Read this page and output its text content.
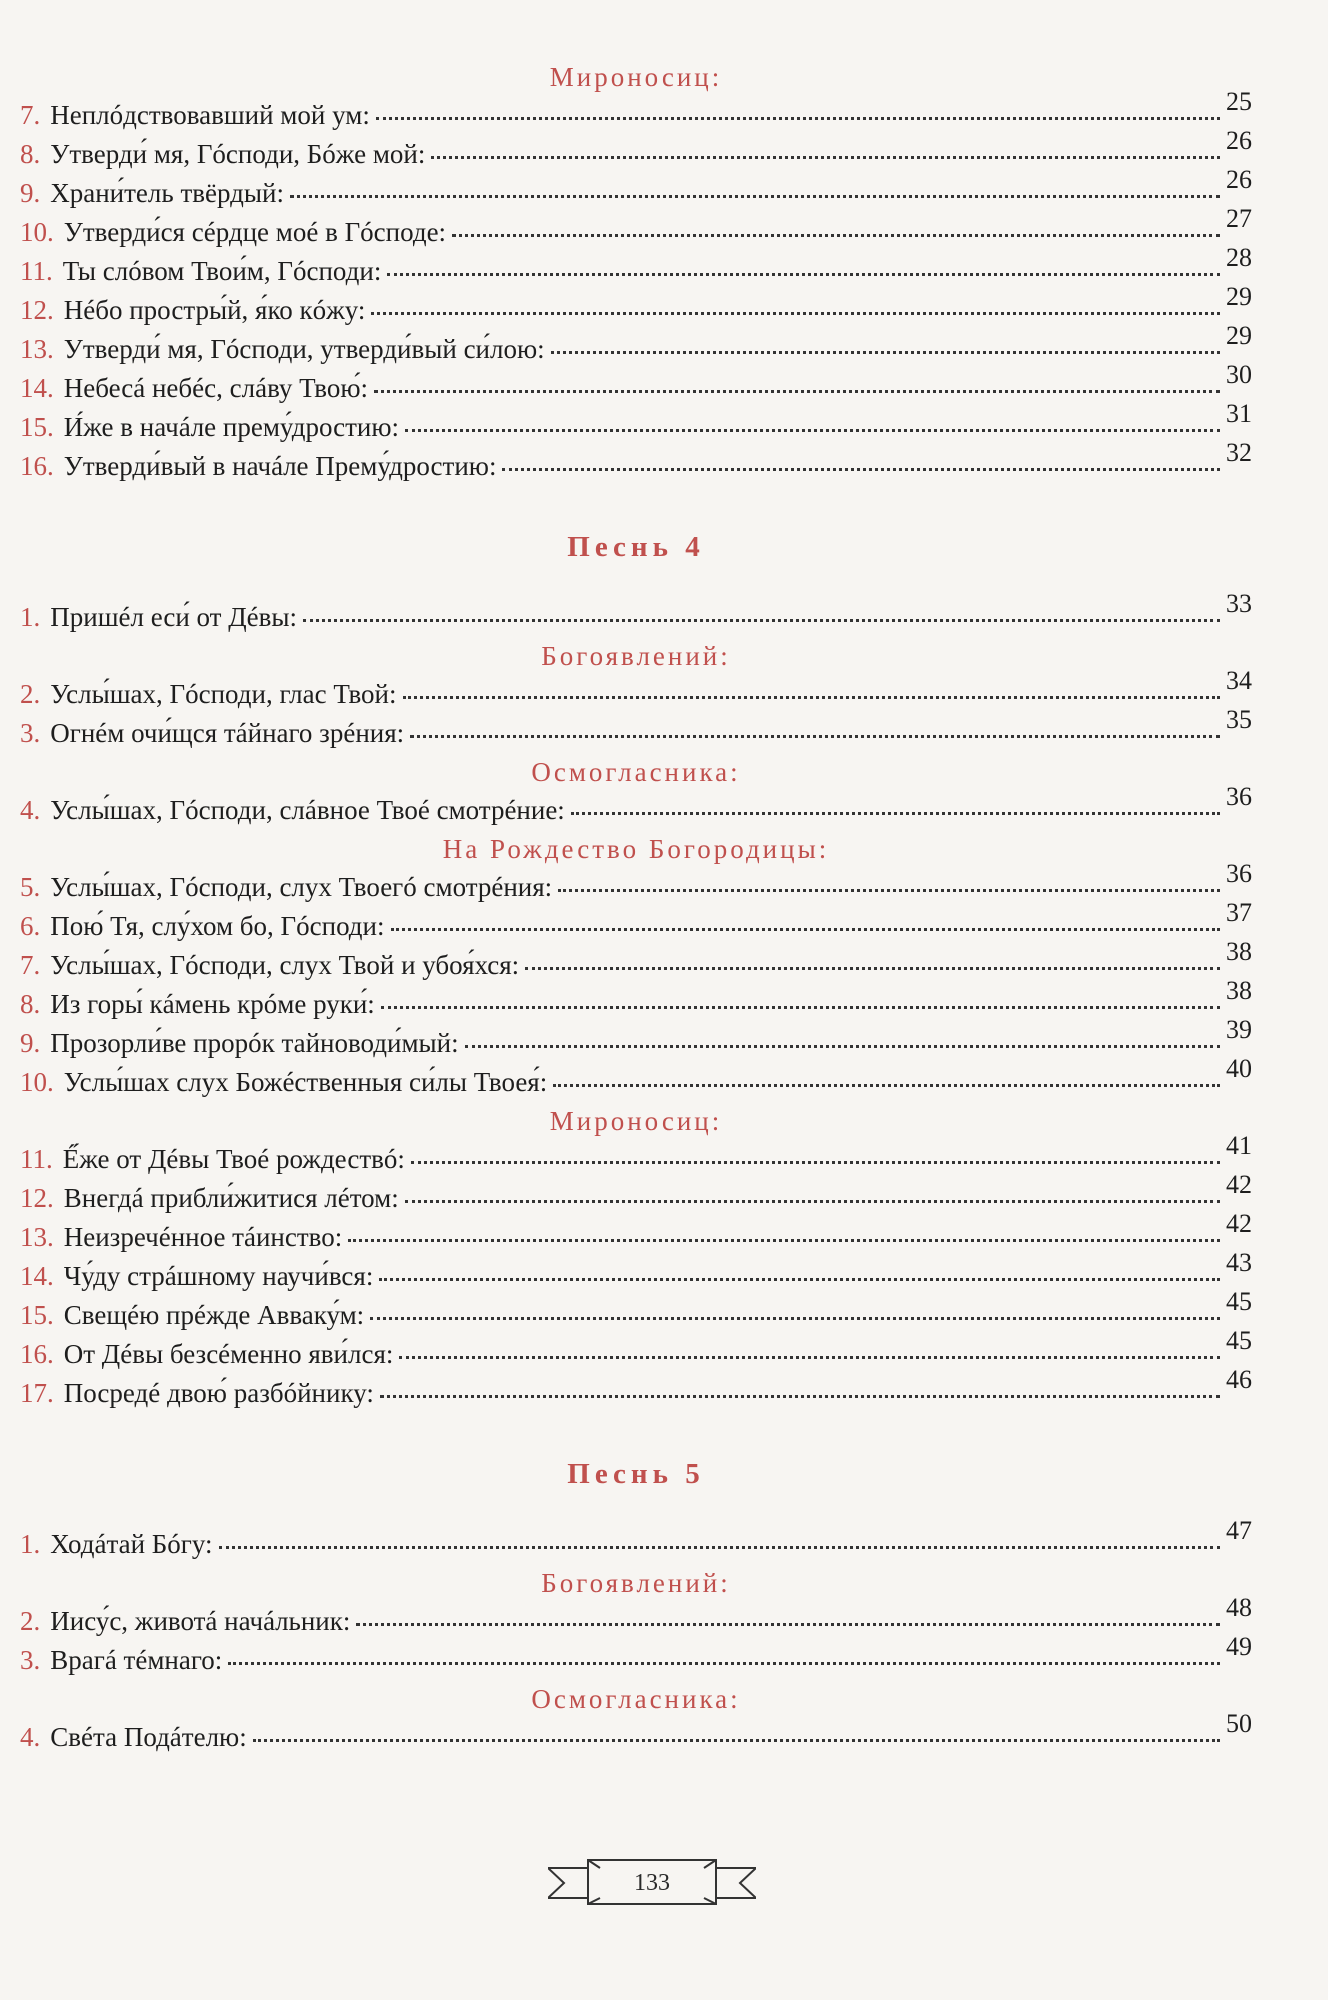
Мироносиц:
7. Неплóдствовавший мой ум:	25
8. Утверди́ мя, Гóсподи, Бóже мой:	26
9. Храни́тель твёрдый:	26
10. Утверди́ся сéрдце моé в Гóсподе:	27
11. Ты слóвом Твои́м, Гóсподи:	28
12. Нéбо простры́й, я́ко кóжу:	29
13. Утверди́ мя, Гóсподи, утверди́вый си́лою:	29
14. Небесá небéс, слáву Твою́:	30
15. И́же в начáле прему́дростию:	31
16. Утверди́вый в начáле Прему́дростию:	32
Песнь 4
1. Пришéл еси́ от Дéвы:	33
Богоявлений:
2. Услы́шах, Гóсподи, глас Твой:	34
3. Огнéм очи́щся тáйнаго зрéния:	35
Осмогласника:
4. Услы́шах, Гóсподи, слáвное Твоé смотрéние:	36
На Рождество Богородицы:
5. Услы́шах, Гóсподи, слух Твоегó смотрéния:	36
6. Пою́ Тя, слу́хом бо, Гóсподи:	37
7. Услы́шах, Гóсподи, слух Твой и убоя́хся:	38
8. Из горы́ кáмень крóме руки́:	38
9. Прозорли́ве прорóк тайноводи́мый:	39
10. Услы́шах слух Божéственныя си́лы Твоея́:	40
Мироносиц:
11. É́же от Дéвы Твоé рождествó:	41
12. Внегдá прибли́житися лéтом:	42
13. Неизречéнное тáинство:	42
14. Чу́ду стрáшному научи́вся:	43
15. Свещéю прéжде Авваку́м:	45
16. От Дéвы безсéменно яви́лся:	45
17. Посредé двою́ разбóйнику:	46
Песнь 5
1. Ходáтай Бóгу:	47
Богоявлений:
2. Иису́с, животá начáльник:	48
3. Врагá тéмнаго:	49
Осмогласника:
4. Свéта Подáтелю:	50
133
